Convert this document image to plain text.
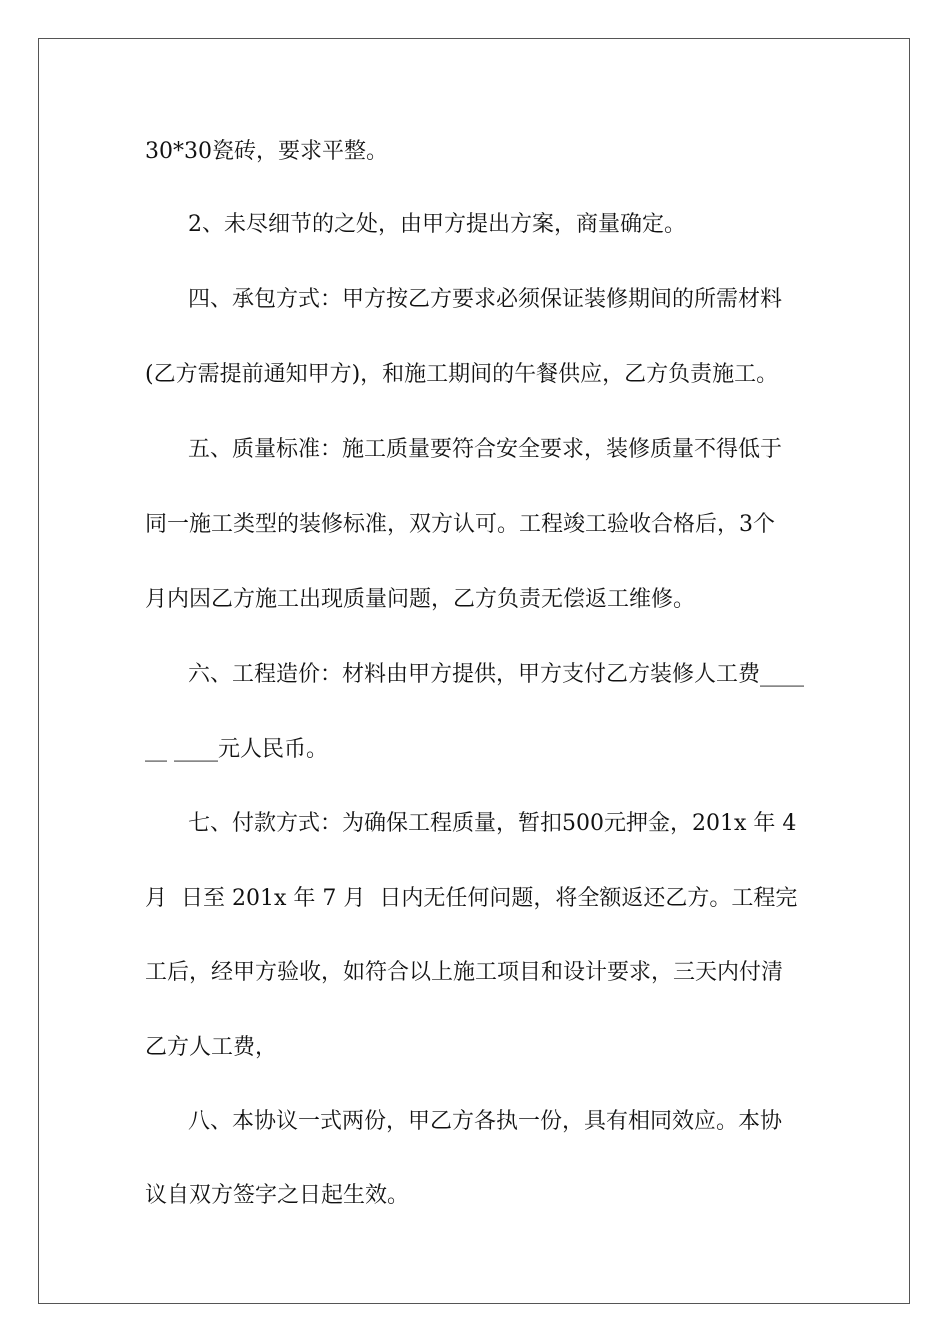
30*30瓷砖，要求平整。

2、未尽细节的之处，由甲方提出方案，商量确定。

四、承包方式：甲方按乙方要求必须保证装修期间的所需材料

(乙方需提前通知甲方)，和施工期间的午餐供应，乙方负责施工。

五、质量标准：施工质量要符合安全要求，装修质量不得低于

同一施工类型的装修标准，双方认可。工程竣工验收合格后，3个

月内因乙方施工出现质量问题，乙方负责无偿返工维修。

六、工程造价：材料由甲方提供，甲方支付乙方装修人工费____

__ ____元人民币。

七、付款方式：为确保工程质量，暂扣500元押金，201x 年 4

月  日至 201x 年 7 月  日内无任何问题，将全额返还乙方。工程完

工后，经甲方验收，如符合以上施工项目和设计要求，三天内付清

乙方人工费，

八、本协议一式两份，甲乙方各执一份，具有相同效应。本协

议自双方签字之日起生效。
